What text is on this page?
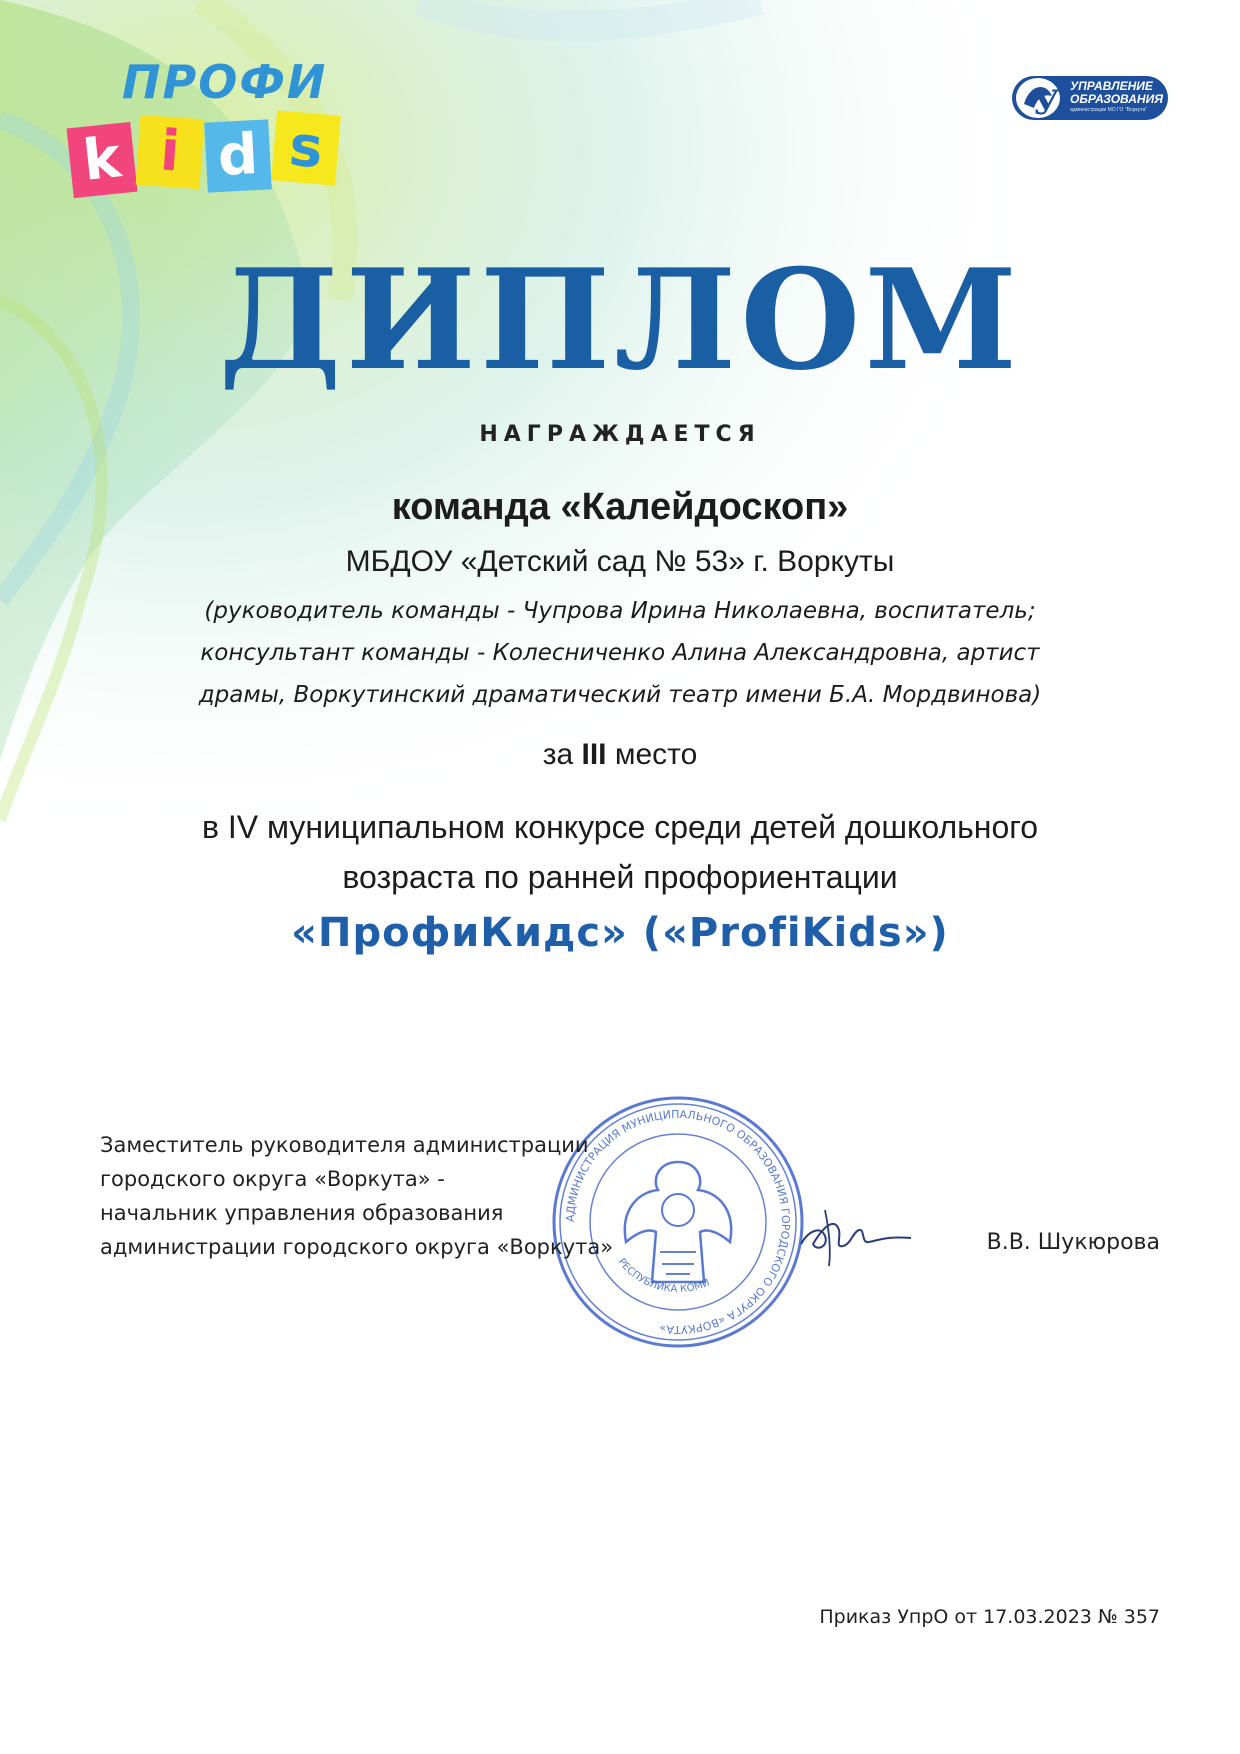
ПРОФИ
k i d s
У УПРАВЛЕНИЕ
ОБРАЗОВАНИЯ
администрации МО ГО "Воркута"
ДИПЛОМ
НАГРАЖДАЕТСЯ
команда «Калейдоскоп»
МБДОУ «Детский сад № 53» г. Воркуты
(руководитель команды - Чупрова Ирина Николаевна, воспитатель;
консультант команды - Колесниченко Алина Александровна, артист
драмы, Воркутинский драматический театр имени Б.А. Мордвинова)
за III место
в IV муниципальном конкурсе среди детей дошкольного
возраста по ранней профориентации
«ПрофиКидс» («ProfiKids»)
АДМИНИСТРАЦИЯ МУНИЦИПАЛЬНОГО ОБРАЗОВАНИЯ ГОРОДСКОГО ОКРУГА «ВОРКУТА»
РЕСПУБЛИКА КОМИ
Заместитель руководителя администрации
городского округа «Воркута» -
начальник управления образования
администрации городского округа «Воркута»	В.В. Шукюрова
Приказ УпрО от 17.03.2023 № 357
